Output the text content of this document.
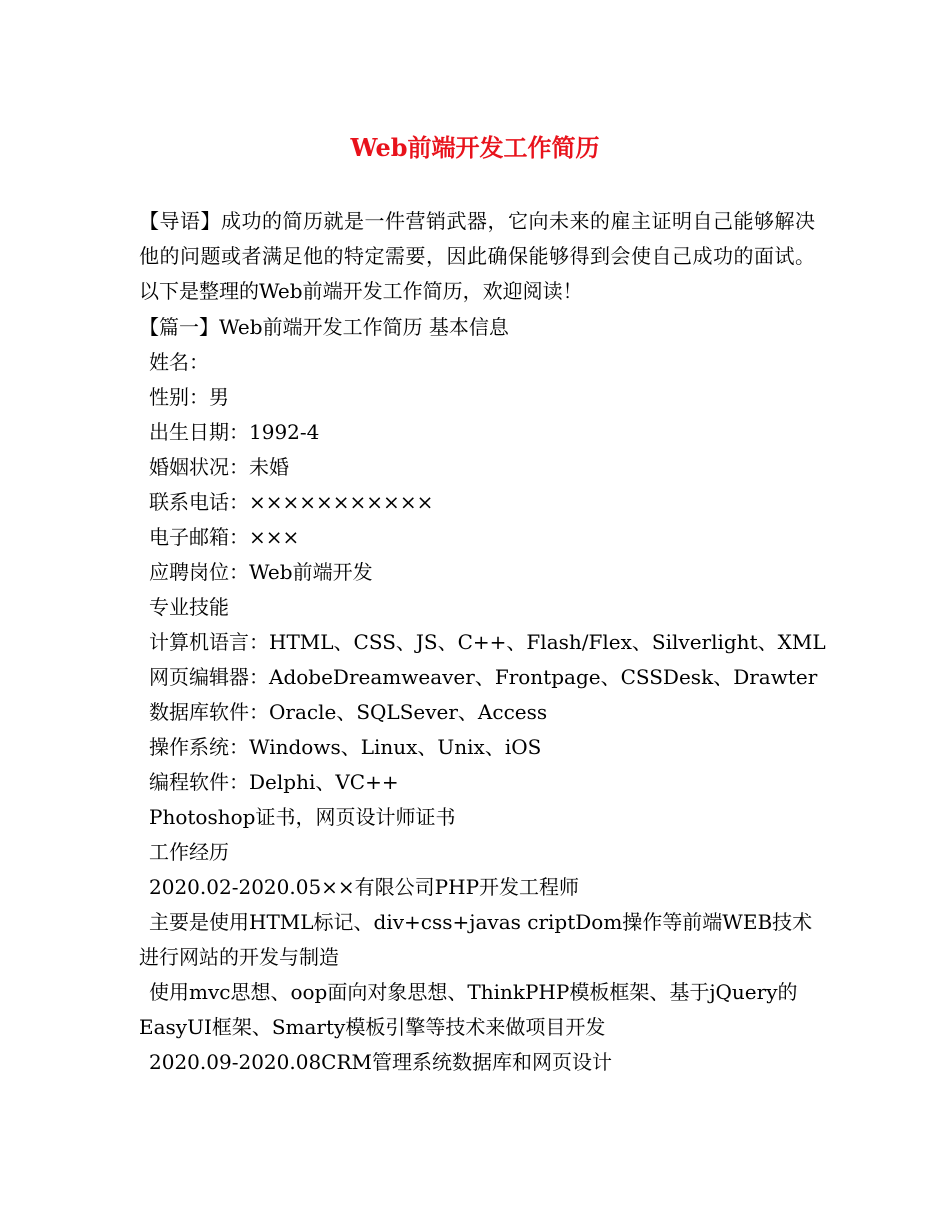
Web前端开发工作简历

【导语】成功的简历就是一件营销武器，它向未来的雇主证明自己能够解决他的问题或者满足他的特定需要，因此确保能够得到会使自己成功的面试。以下是整理的Web前端开发工作简历，欢迎阅读！

【篇一】Web前端开发工作简历 基本信息
姓名：
性别：男
出生日期：1992-4
婚姻状况：未婚
联系电话：×××××××××××
电子邮箱：×××
应聘岗位：Web前端开发
专业技能
计算机语言：HTML、CSS、JS、C++、Flash/Flex、Silverlight、XML
网页编辑器：AdobeDreamweaver、Frontpage、CSSDesk、Drawter
数据库软件：Oracle、SQLSever、Access
操作系统：Windows、Linux、Unix、iOS
编程软件：Delphi、VC++
Photoshop证书，网页设计师证书
工作经历
2020.02-2020.05××有限公司PHP开发工程师
主要是使用HTML标记、div+css+javas criptDom操作等前端WEB技术进行网站的开发与制造
使用mvc思想、oop面向对象思想、ThinkPHP模板框架、基于jQuery的EasyUI框架、Smarty模板引擎等技术来做项目开发
2020.09-2020.08CRM管理系统数据库和网页设计
